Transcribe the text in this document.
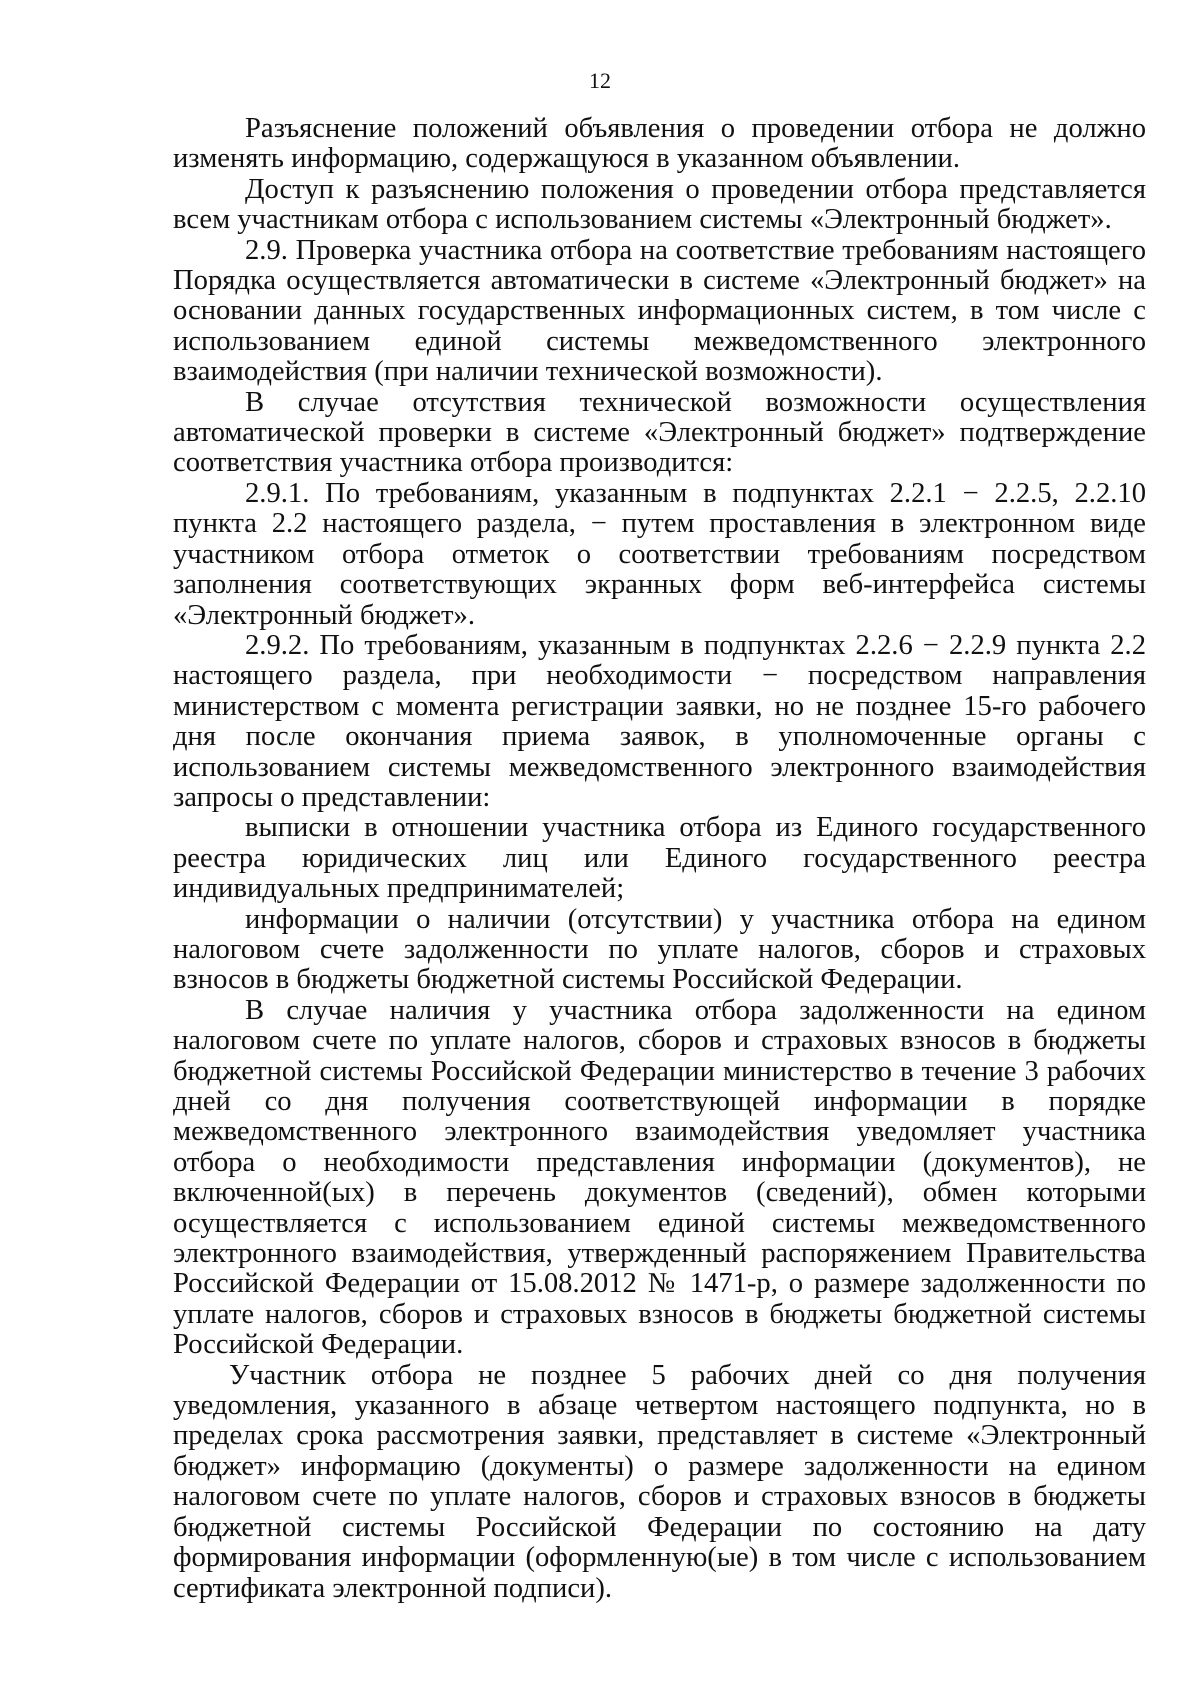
12

Разъяснение положений объявления о проведении отбора не должно изменять информацию, содержащуюся в указанном объявлении.

Доступ к разъяснению положения о проведении отбора представляется всем участникам отбора с использованием системы «Электронный бюджет».

2.9. Проверка участника отбора на соответствие требованиям настоящего Порядка осуществляется автоматически в системе «Электронный бюджет» на основании данных государственных информационных систем, в том числе с использованием единой системы межведомственного электронного взаимодействия (при наличии технической возможности).

В случае отсутствия технической возможности осуществления автоматической проверки в системе «Электронный бюджет» подтверждение соответствия участника отбора производится:

2.9.1. По требованиям, указанным в подпунктах 2.2.1 − 2.2.5, 2.2.10 пункта 2.2 настоящего раздела, − путем проставления в электронном виде участником отбора отметок о соответствии требованиям посредством заполнения соответствующих экранных форм веб-интерфейса системы «Электронный бюджет».

2.9.2. По требованиям, указанным в подпунктах 2.2.6 − 2.2.9 пункта 2.2 настоящего раздела, при необходимости − посредством направления министерством с момента регистрации заявки, но не позднее 15-го рабочего дня после окончания приема заявок, в уполномоченные органы с использованием системы межведомственного электронного взаимодействия запросы о представлении:

выписки в отношении участника отбора из Единого государственного реестра юридических лиц или Единого государственного реестра индивидуальных предпринимателей;

информации о наличии (отсутствии) у участника отбора на едином налоговом счете задолженности по уплате налогов, сборов и страховых взносов в бюджеты бюджетной системы Российской Федерации.

В случае наличия у участника отбора задолженности на едином налоговом счете по уплате налогов, сборов и страховых взносов в бюджеты бюджетной системы Российской Федерации министерство в течение 3 рабочих дней со дня получения соответствующей информации в порядке межведомственного электронного взаимодействия уведомляет участника отбора о необходимости представления информации (документов), не включенной(ых) в перечень документов (сведений), обмен которыми осуществляется с использованием единой системы межведомственного электронного взаимодействия, утвержденный распоряжением Правительства Российской Федерации от 15.08.2012 № 1471-р, о размере задолженности по уплате налогов, сборов и страховых взносов в бюджеты бюджетной системы Российской Федерации.

Участник отбора не позднее 5 рабочих дней со дня получения уведомления, указанного в абзаце четвертом настоящего подпункта, но в пределах срока рассмотрения заявки, представляет в системе «Электронный бюджет» информацию (документы) о размере задолженности на едином налоговом счете по уплате налогов, сборов и страховых взносов в бюджеты бюджетной системы Российской Федерации по состоянию на дату формирования информации (оформленную(ые) в том числе с использованием сертификата электронной подписи).
